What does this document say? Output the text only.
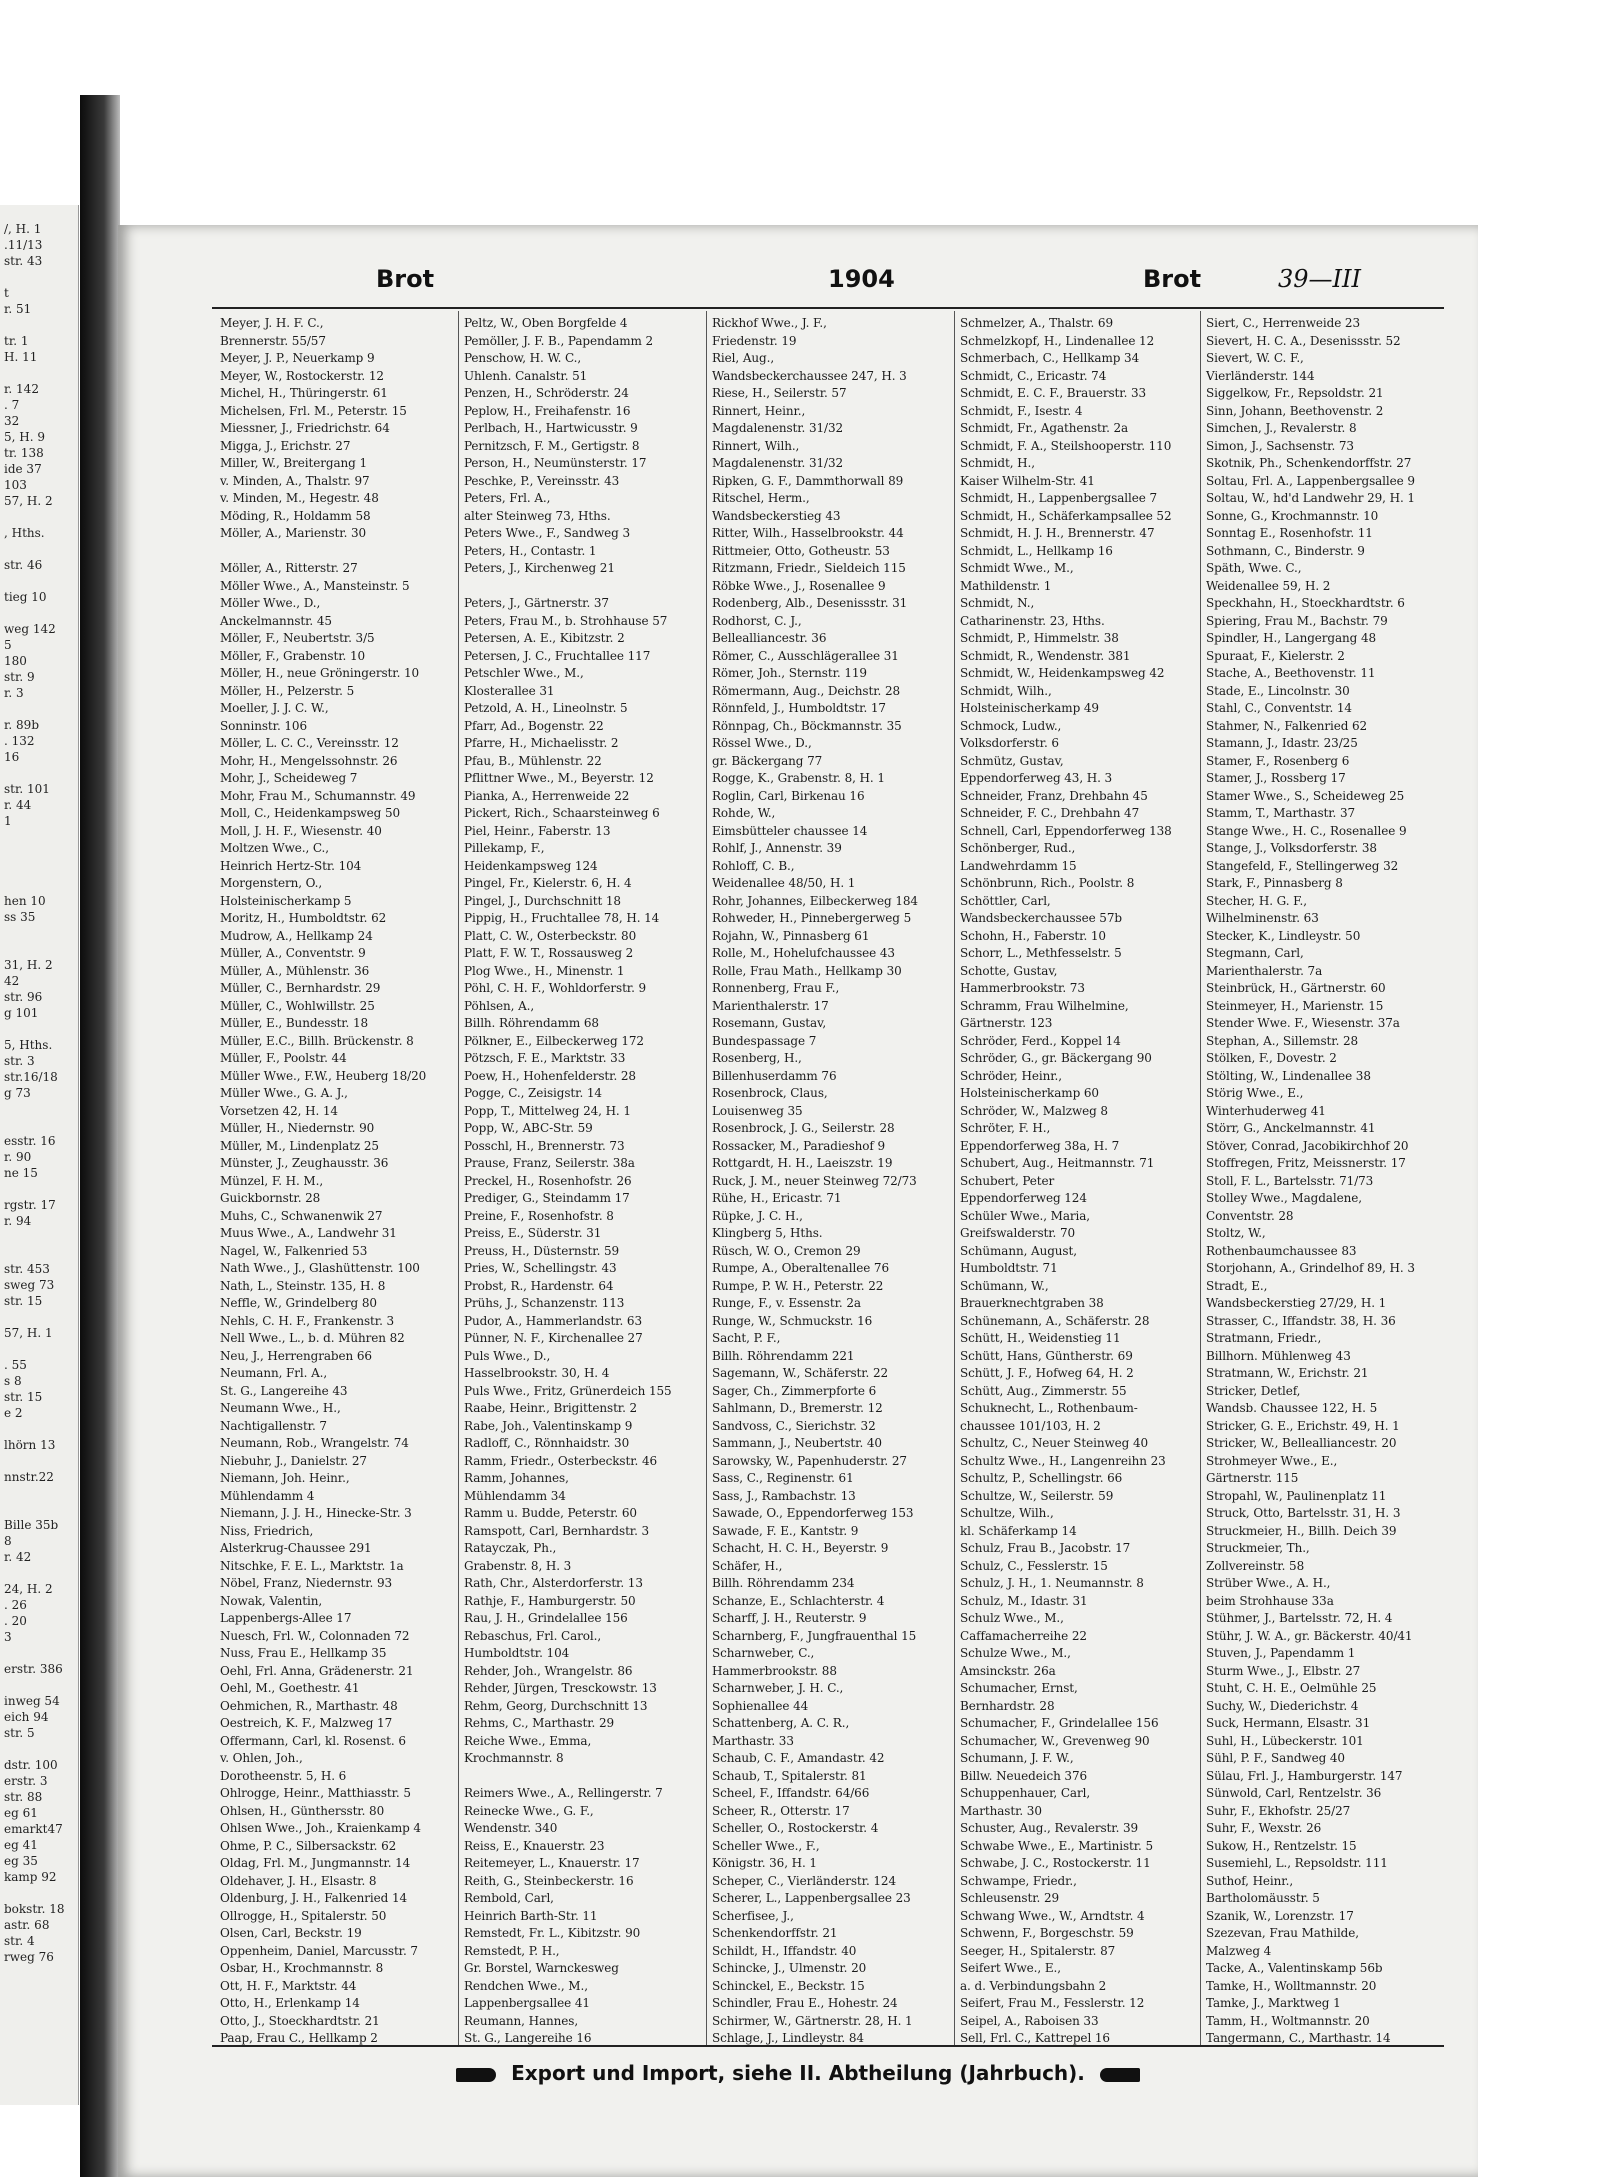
/, H. 1
.11/13
str. 43
t
r. 51
tr. 1
H. 11
r. 142
. 7
32
5, H. 9
tr. 138
ide 37
103
57, H. 2
, Hths.
str. 46
tieg 10
weg 142
5
180
str. 9
r. 3
r. 89b
. 132
16
str. 101
r. 44
1
hen 10
ss 35
31, H. 2
42
str. 96
g 101
5, Hths.
str. 3
str.16/18
g 73
esstr. 16
r. 90
ne 15
rgstr. 17
r. 94
str. 453
sweg 73
str. 15
57, H. 1
. 55
s 8
str. 15
e 2
lhörn 13
nnstr.22
Bille 35b
8
r. 42
24, H. 2
. 26
. 20
3
erstr. 386
inweg 54
eich 94
str. 5
dstr. 100
erstr. 3
str. 88
eg 61
emarkt47
eg 41
eg 35
kamp 92
bokstr. 18
astr. 68
str. 4
rweg 76
Brot	1904	Brot	39—III
Meyer, J. H. F. C.,
Brennerstr. 55/57
Meyer, J. P., Neuerkamp 9
Meyer, W., Rostockerstr. 12
Michel, H., Thüringerstr. 61
Michelsen, Frl. M., Peterstr. 15
Miessner, J., Friedrichstr. 64
Migga, J., Erichstr. 27
Miller, W., Breitergang 1
v. Minden, A., Thalstr. 97
v. Minden, M., Hegestr. 48
Möding, R., Holdamm 58
Möller, A., Marienstr. 30
Möller, A., Ritterstr. 27
Möller Wwe., A., Mansteinstr. 5
Möller Wwe., D.,
Anckelmannstr. 45
Möller, F., Neubertstr. 3/5
Möller, F., Grabenstr. 10
Möller, H., neue Gröningerstr. 10
Möller, H., Pelzerstr. 5
Moeller, J. J. C. W.,
Sonninstr. 106
Möller, L. C. C., Vereinsstr. 12
Mohr, H., Mengelssohnstr. 26
Mohr, J., Scheideweg 7
Mohr, Frau M., Schumannstr. 49
Moll, C., Heidenkampsweg 50
Moll, J. H. F., Wiesenstr. 40
Moltzen Wwe., C.,
Heinrich Hertz-Str. 104
Morgenstern, O.,
Holsteinischerkamp 5
Moritz, H., Humboldtstr. 62
Mudrow, A., Hellkamp 24
Müller, A., Conventstr. 9
Müller, A., Mühlenstr. 36
Müller, C., Bernhardstr. 29
Müller, C., Wohlwillstr. 25
Müller, E., Bundesstr. 18
Müller, E.C., Billh. Brückenstr. 8
Müller, F., Poolstr. 44
Müller Wwe., F.W., Heuberg 18/20
Müller Wwe., G. A. J.,
Vorsetzen 42, H. 14
Müller, H., Niedernstr. 90
Müller, M., Lindenplatz 25
Münster, J., Zeughausstr. 36
Münzel, F. H. M.,
Guickbornstr. 28
Muhs, C., Schwanenwik 27
Muus Wwe., A., Landwehr 31
Nagel, W., Falkenried 53
Nath Wwe., J., Glashüttenstr. 100
Nath, L., Steinstr. 135, H. 8
Neffle, W., Grindelberg 80
Nehls, C. H. F., Frankenstr. 3
Nell Wwe., L., b. d. Mühren 82
Neu, J., Herrengraben 66
Neumann, Frl. A.,
St. G., Langereihe 43
Neumann Wwe., H.,
Nachtigallenstr. 7
Neumann, Rob., Wrangelstr. 74
Niebuhr, J., Danielstr. 27
Niemann, Joh. Heinr.,
Mühlendamm 4
Niemann, J. J. H., Hinecke-Str. 3
Niss, Friedrich,
Alsterkrug-Chaussee 291
Nitschke, F. E. L., Marktstr. 1a
Nöbel, Franz, Niedernstr. 93
Nowak, Valentin,
Lappenbergs-Allee 17
Nuesch, Frl. W., Colonnaden 72
Nuss, Frau E., Hellkamp 35
Oehl, Frl. Anna, Grädenerstr. 21
Oehl, M., Goethestr. 41
Oehmichen, R., Marthastr. 48
Oestreich, K. F., Malzweg 17
Offermann, Carl, kl. Rosenst. 6
v. Ohlen, Joh.,
Dorotheenstr. 5, H. 6
Ohlrogge, Heinr., Matthiasstr. 5
Ohlsen, H., Günthersstr. 80
Ohlsen Wwe., Joh., Kraienkamp 4
Ohme, P. C., Silbersackstr. 62
Oldag, Frl. M., Jungmannstr. 14
Oldehaver, J. H., Elsastr. 8
Oldenburg, J. H., Falkenried 14
Ollrogge, H., Spitalerstr. 50
Olsen, Carl, Beckstr. 19
Oppenheim, Daniel, Marcusstr. 7
Osbar, H., Krochmannstr. 8
Ott, H. F., Marktstr. 44
Otto, H., Erlenkamp 14
Otto, J., Stoeckhardtstr. 21
Paap, Frau C., Hellkamp 2
Peltz, W., Oben Borgfelde 4
Pemöller, J. F. B., Papendamm 2
Penschow, H. W. C.,
Uhlenh. Canalstr. 51
Penzen, H., Schröderstr. 24
Peplow, H., Freihafenstr. 16
Perlbach, H., Hartwicusstr. 9
Pernitzsch, F. M., Gertigstr. 8
Person, H., Neumünsterstr. 17
Peschke, P., Vereinsstr. 43
Peters, Frl. A.,
alter Steinweg 73, Hths.
Peters Wwe., F., Sandweg 3
Peters, H., Contastr. 1
Peters, J., Kirchenweg 21
Peters, J., Gärtnerstr. 37
Peters, Frau M., b. Strohhause 57
Petersen, A. E., Kibitzstr. 2
Petersen, J. C., Fruchtallee 117
Petschler Wwe., M.,
Klosterallee 31
Petzold, A. H., Lineolnstr. 5
Pfarr, Ad., Bogenstr. 22
Pfarre, H., Michaelisstr. 2
Pfau, B., Mühlenstr. 22
Pflittner Wwe., M., Beyerstr. 12
Pianka, A., Herrenweide 22
Pickert, Rich., Schaarsteinweg 6
Piel, Heinr., Faberstr. 13
Pillekamp, F.,
Heidenkampsweg 124
Pingel, Fr., Kielerstr. 6, H. 4
Pingel, J., Durchschnitt 18
Pippig, H., Fruchtallee 78, H. 14
Platt, C. W., Osterbeckstr. 80
Platt, F. W. T., Rossausweg 2
Plog Wwe., H., Minenstr. 1
Pöhl, C. H. F., Wohldorferstr. 9
Pöhlsen, A.,
Billh. Röhrendamm 68
Pölkner, E., Eilbeckerweg 172
Pötzsch, F. E., Marktstr. 33
Poew, H., Hohenfelderstr. 28
Pogge, C., Zeisigstr. 14
Popp, T., Mittelweg 24, H. 1
Popp, W., ABC-Str. 59
Posschl, H., Brennerstr. 73
Prause, Franz, Seilerstr. 38a
Preckel, H., Rosenhofstr. 26
Prediger, G., Steindamm 17
Preine, F., Rosenhofstr. 8
Preiss, E., Süderstr. 31
Preuss, H., Düsternstr. 59
Pries, W., Schellingstr. 43
Probst, R., Hardenstr. 64
Prühs, J., Schanzenstr. 113
Pudor, A., Hammerlandstr. 63
Pünner, N. F., Kirchenallee 27
Puls Wwe., D.,
Hasselbrookstr. 30, H. 4
Puls Wwe., Fritz, Grünerdeich 155
Raabe, Heinr., Brigittenstr. 2
Rabe, Joh., Valentinskamp 9
Radloff, C., Rönnhaidstr. 30
Ramm, Friedr., Osterbeckstr. 46
Ramm, Johannes,
Mühlendamm 34
Ramm u. Budde, Peterstr. 60
Ramspott, Carl, Bernhardstr. 3
Ratayczak, Ph.,
Grabenstr. 8, H. 3
Rath, Chr., Alsterdorferstr. 13
Rathje, F., Hamburgerstr. 50
Rau, J. H., Grindelallee 156
Rebaschus, Frl. Carol.,
Humboldtstr. 104
Rehder, Joh., Wrangelstr. 86
Rehder, Jürgen, Tresckowstr. 13
Rehm, Georg, Durchschnitt 13
Rehms, C., Marthastr. 29
Reiche Wwe., Emma,
Krochmannstr. 8
Reimers Wwe., A., Rellingerstr. 7
Reinecke Wwe., G. F.,
Wendenstr. 340
Reiss, E., Knauerstr. 23
Reitemeyer, L., Knauerstr. 17
Reith, G., Steinbeckerstr. 16
Rembold, Carl,
Heinrich Barth-Str. 11
Remstedt, Fr. L., Kibitzstr. 90
Remstedt, P. H.,
Gr. Borstel, Warnckesweg
Rendchen Wwe., M.,
Lappenbergsallee 41
Reumann, Hannes,
St. G., Langereihe 16
Rickhof Wwe., J. F.,
Friedenstr. 19
Riel, Aug.,
Wandsbeckerchaussee 247, H. 3
Riese, H., Seilerstr. 57
Rinnert, Heinr.,
Magdalenenstr. 31/32
Rinnert, Wilh.,
Magdalenenstr. 31/32
Ripken, G. F., Dammthorwall 89
Ritschel, Herm.,
Wandsbeckerstieg 43
Ritter, Wilh., Hasselbrookstr. 44
Rittmeier, Otto, Gotheustr. 53
Ritzmann, Friedr., Sieldeich 115
Röbke Wwe., J., Rosenallee 9
Rodenberg, Alb., Desenissstr. 31
Rodhorst, C. J.,
Bellealliancestr. 36
Römer, C., Ausschlägerallee 31
Römer, Joh., Sternstr. 119
Römermann, Aug., Deichstr. 28
Rönnfeld, J., Humboldtstr. 17
Rönnpag, Ch., Böckmannstr. 35
Rössel Wwe., D.,
gr. Bäckergang 77
Rogge, K., Grabenstr. 8, H. 1
Roglin, Carl, Birkenau 16
Rohde, W.,
Eimsbütteler chaussee 14
Rohlf, J., Annenstr. 39
Rohloff, C. B.,
Weidenallee 48/50, H. 1
Rohr, Johannes, Eilbeckerweg 184
Rohweder, H., Pinnebergerweg 5
Rojahn, W., Pinnasberg 61
Rolle, M., Hohelufchaussee 43
Rolle, Frau Math., Hellkamp 30
Ronnenberg, Frau F.,
Marienthalerstr. 17
Rosemann, Gustav,
Bundespassage 7
Rosenberg, H.,
Billenhuserdamm 76
Rosenbrock, Claus,
Louisenweg 35
Rosenbrock, J. G., Seilerstr. 28
Rossacker, M., Paradieshof 9
Rottgardt, H. H., Laeiszstr. 19
Ruck, J. M., neuer Steinweg 72/73
Rühe, H., Ericastr. 71
Rüpke, J. C. H.,
Klingberg 5, Hths.
Rüsch, W. O., Cremon 29
Rumpe, A., Oberaltenallee 76
Rumpe, P. W. H., Peterstr. 22
Runge, F., v. Essenstr. 2a
Runge, W., Schmuckstr. 16
Sacht, P. F.,
Billh. Röhrendamm 221
Sagemann, W., Schäferstr. 22
Sager, Ch., Zimmerpforte 6
Sahlmann, D., Bremerstr. 12
Sandvoss, C., Sierichstr. 32
Sammann, J., Neubertstr. 40
Sarowsky, W., Papenhuderstr. 27
Sass, C., Reginenstr. 61
Sass, J., Rambachstr. 13
Sawade, O., Eppendorferweg 153
Sawade, F. E., Kantstr. 9
Schacht, H. C. H., Beyerstr. 9
Schäfer, H.,
Billh. Röhrendamm 234
Schanze, E., Schlachterstr. 4
Scharff, J. H., Reuterstr. 9
Scharnberg, F., Jungfrauenthal 15
Scharnweber, C.,
Hammerbrookstr. 88
Scharnweber, J. H. C.,
Sophienallee 44
Schattenberg, A. C. R.,
Marthastr. 33
Schaub, C. F., Amandastr. 42
Schaub, T., Spitalerstr. 81
Scheel, F., Iffandstr. 64/66
Scheer, R., Otterstr. 17
Scheller, O., Rostockerstr. 4
Scheller Wwe., F.,
Königstr. 36, H. 1
Scheper, C., Vierländerstr. 124
Scherer, L., Lappenbergsallee 23
Scherfisee, J.,
Schenkendorffstr. 21
Schildt, H., Iffandstr. 40
Schincke, J., Ulmenstr. 20
Schinckel, E., Beckstr. 15
Schindler, Frau E., Hohestr. 24
Schirmer, W., Gärtnerstr. 28, H. 1
Schlage, J., Lindleystr. 84
Schmelzer, A., Thalstr. 69
Schmelzkopf, H., Lindenallee 12
Schmerbach, C., Hellkamp 34
Schmidt, C., Ericastr. 74
Schmidt, E. C. F., Brauerstr. 33
Schmidt, F., Isestr. 4
Schmidt, Fr., Agathenstr. 2a
Schmidt, F. A., Steilshooperstr. 110
Schmidt, H.,
Kaiser Wilhelm-Str. 41
Schmidt, H., Lappenbergsallee 7
Schmidt, H., Schäferkampsallee 52
Schmidt, H. J. H., Brennerstr. 47
Schmidt, L., Hellkamp 16
Schmidt Wwe., M.,
Mathildenstr. 1
Schmidt, N.,
Catharinenstr. 23, Hths.
Schmidt, P., Himmelstr. 38
Schmidt, R., Wendenstr. 381
Schmidt, W., Heidenkampsweg 42
Schmidt, Wilh.,
Holsteinischerkamp 49
Schmock, Ludw.,
Volksdorferstr. 6
Schmütz, Gustav,
Eppendorferweg 43, H. 3
Schneider, Franz, Drehbahn 45
Schneider, F. C., Drehbahn 47
Schnell, Carl, Eppendorferweg 138
Schönberger, Rud.,
Landwehrdamm 15
Schönbrunn, Rich., Poolstr. 8
Schöttler, Carl,
Wandsbeckerchaussee 57b
Schohn, H., Faberstr. 10
Schorr, L., Methfesselstr. 5
Schotte, Gustav,
Hammerbrookstr. 73
Schramm, Frau Wilhelmine,
Gärtnerstr. 123
Schröder, Ferd., Koppel 14
Schröder, G., gr. Bäckergang 90
Schröder, Heinr.,
Holsteinischerkamp 60
Schröder, W., Malzweg 8
Schröter, F. H.,
Eppendorferweg 38a, H. 7
Schubert, Aug., Heitmannstr. 71
Schubert, Peter
Eppendorferweg 124
Schüler Wwe., Maria,
Greifswalderstr. 70
Schümann, August,
Humboldtstr. 71
Schümann, W.,
Brauerknechtgraben 38
Schünemann, A., Schäferstr. 28
Schütt, H., Weidenstieg 11
Schütt, Hans, Güntherstr. 69
Schütt, J. F., Hofweg 64, H. 2
Schütt, Aug., Zimmerstr. 55
Schuknecht, L., Rothenbaum-
chaussee 101/103, H. 2
Schultz, C., Neuer Steinweg 40
Schultz Wwe., H., Langenreihn 23
Schultz, P., Schellingstr. 66
Schultze, W., Seilerstr. 59
Schultze, Wilh.,
kl. Schäferkamp 14
Schulz, Frau B., Jacobstr. 17
Schulz, C., Fesslerstr. 15
Schulz, J. H., 1. Neumannstr. 8
Schulz, M., Idastr. 31
Schulz Wwe., M.,
Caffamacherreihe 22
Schulze Wwe., M.,
Amsinckstr. 26a
Schumacher, Ernst,
Bernhardstr. 28
Schumacher, F., Grindelallee 156
Schumacher, W., Grevenweg 90
Schumann, J. F. W.,
Billw. Neuedeich 376
Schuppenhauer, Carl,
Marthastr. 30
Schuster, Aug., Revalerstr. 39
Schwabe Wwe., E., Martinistr. 5
Schwabe, J. C., Rostockerstr. 11
Schwampe, Friedr.,
Schleusenstr. 29
Schwang Wwe., W., Arndtstr. 4
Schwenn, F., Borgeschstr. 59
Seeger, H., Spitalerstr. 87
Seifert Wwe., E.,
a. d. Verbindungsbahn 2
Seifert, Frau M., Fesslerstr. 12
Seipel, A., Raboisen 33
Sell, Frl. C., Kattrepel 16
Siert, C., Herrenweide 23
Sievert, H. C. A., Desenissstr. 52
Sievert, W. C. F.,
Vierländerstr. 144
Siggelkow, Fr., Repsoldstr. 21
Sinn, Johann, Beethovenstr. 2
Simchen, J., Revalerstr. 8
Simon, J., Sachsenstr. 73
Skotnik, Ph., Schenkendorffstr. 27
Soltau, Frl. A., Lappenbergsallee 9
Soltau, W., hd'd Landwehr 29, H. 1
Sonne, G., Krochmannstr. 10
Sonntag E., Rosenhofstr. 11
Sothmann, C., Binderstr. 9
Späth, Wwe. C.,
Weidenallee 59, H. 2
Speckhahn, H., Stoeckhardtstr. 6
Spiering, Frau M., Bachstr. 79
Spindler, H., Langergang 48
Spuraat, F., Kielerstr. 2
Stache, A., Beethovenstr. 11
Stade, E., Lincolnstr. 30
Stahl, C., Conventstr. 14
Stahmer, N., Falkenried 62
Stamann, J., Idastr. 23/25
Stamer, F., Rosenberg 6
Stamer, J., Rossberg 17
Stamer Wwe., S., Scheideweg 25
Stamm, T., Marthastr. 37
Stange Wwe., H. C., Rosenallee 9
Stange, J., Volksdorferstr. 38
Stangefeld, F., Stellingerweg 32
Stark, F., Pinnasberg 8
Stecher, H. G. F.,
Wilhelminenstr. 63
Stecker, K., Lindleystr. 50
Stegmann, Carl,
Marienthalerstr. 7a
Steinbrück, H., Gärtnerstr. 60
Steinmeyer, H., Marienstr. 15
Stender Wwe. F., Wiesenstr. 37a
Stephan, A., Sillemstr. 28
Stölken, F., Dovestr. 2
Stölting, W., Lindenallee 38
Störig Wwe., E.,
Winterhuderweg 41
Störr, G., Anckelmannstr. 41
Stöver, Conrad, Jacobikirchhof 20
Stoffregen, Fritz, Meissnerstr. 17
Stoll, F. L., Bartelsstr. 71/73
Stolley Wwe., Magdalene,
Conventstr. 28
Stoltz, W.,
Rothenbaumchaussee 83
Storjohann, A., Grindelhof 89, H. 3
Stradt, E.,
Wandsbeckerstieg 27/29, H. 1
Strasser, C., Iffandstr. 38, H. 36
Stratmann, Friedr.,
Billhorn. Mühlenweg 43
Stratmann, W., Erichstr. 21
Stricker, Detlef,
Wandsb. Chaussee 122, H. 5
Stricker, G. E., Erichstr. 49, H. 1
Stricker, W., Bellealliancestr. 20
Strohmeyer Wwe., E.,
Gärtnerstr. 115
Stropahl, W., Paulinenplatz 11
Struck, Otto, Bartelsstr. 31, H. 3
Struckmeier, H., Billh. Deich 39
Struckmeier, Th.,
Zollvereinstr. 58
Strüber Wwe., A. H.,
beim Strohhause 33a
Stühmer, J., Bartelsstr. 72, H. 4
Stühr, J. W. A., gr. Bäckerstr. 40/41
Stuven, J., Papendamm 1
Sturm Wwe., J., Elbstr. 27
Stuht, C. H. E., Oelmühle 25
Suchy, W., Diederichstr. 4
Suck, Hermann, Elsastr. 31
Suhl, H., Lübeckerstr. 101
Sühl, P. F., Sandweg 40
Sülau, Frl. J., Hamburgerstr. 147
Sünwold, Carl, Rentzelstr. 36
Suhr, F., Ekhofstr. 25/27
Suhr, F., Wexstr. 26
Sukow, H., Rentzelstr. 15
Susemiehl, L., Repsoldstr. 111
Suthof, Heinr.,
Bartholomäusstr. 5
Szanik, W., Lorenzstr. 17
Szezevan, Frau Mathilde,
Malzweg 4
Tacke, A., Valentinskamp 56b
Tamke, H., Wolltmannstr. 20
Tamke, J., Marktweg 1
Tamm, H., Woltmannstr. 20
Tangermann, C., Marthastr. 14
Export und Import, siehe II. Abtheilung (Jahrbuch).
